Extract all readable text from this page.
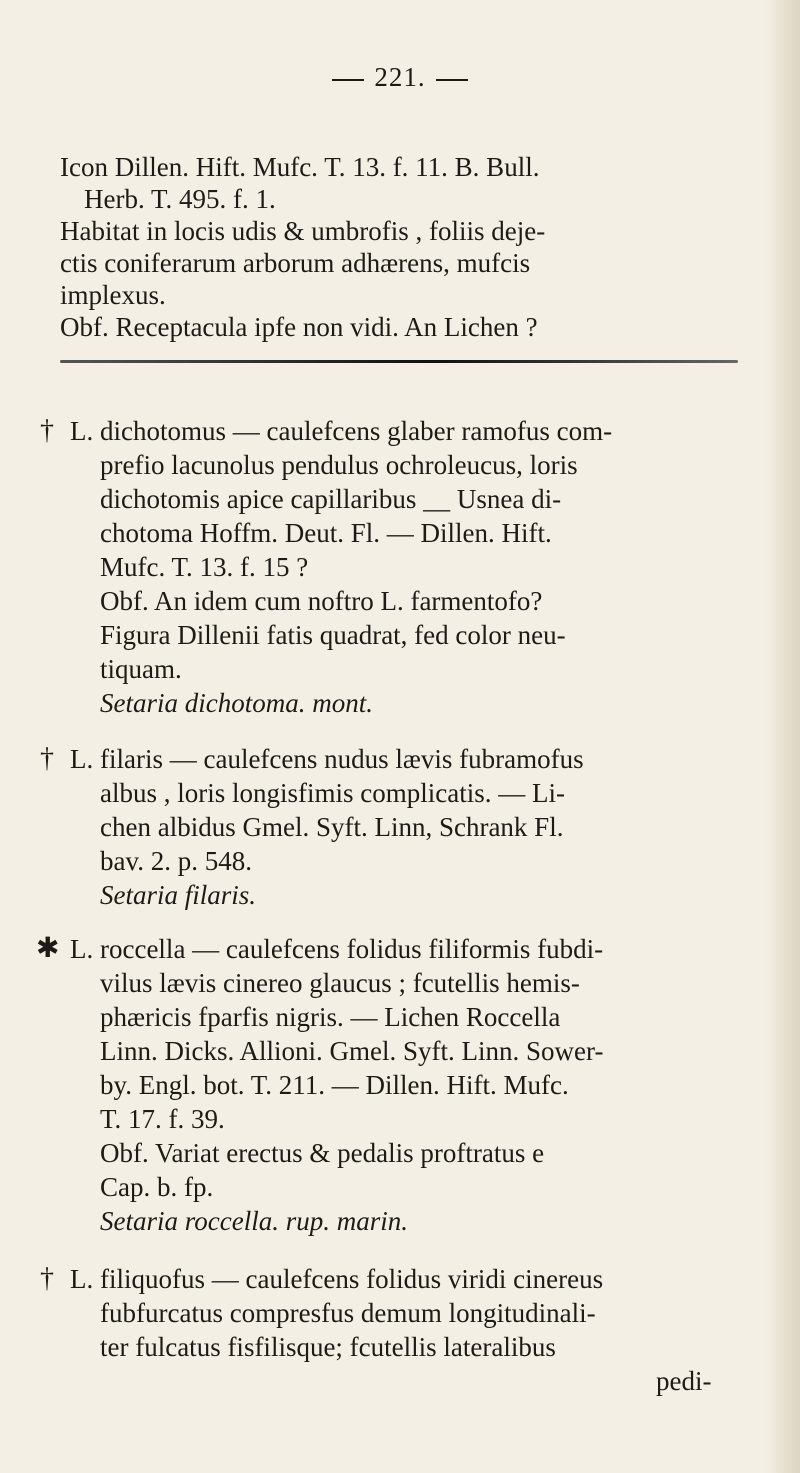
221.
Icon Dillen. Hift. Mufc. T. 13. f. 11. B. Bull.
Herb. T. 495. f. 1.
Habitat in locis udis & umbrofis , foliis deje-
ctis coniferarum arborum adhærens, mufcis
implexus.
Obf. Receptacula ipfe non vidi. An Lichen ?
† L. dichotomus — caulefcens glaber ramofus com-
prefio lacunolus pendulus ochroleucus, loris
dichotomis apice capillaribus __ Usnea di-
chotoma Hoffm. Deut. Fl. — Dillen. Hift.
Mufc. T. 13. f. 15 ?
Obf. An idem cum noftro L. farmentofo?
Figura Dillenii fatis quadrat, fed color neu-
tiquam.
Setaria dichotoma. mont.
† L. filaris — caulefcens nudus lævis fubramofus
albus , loris longisfimis complicatis. — Li-
chen albidus Gmel. Syft. Linn, Schrank Fl.
bav. 2. p. 548.
Setaria filaris.
✱ L. roccella — caulefcens folidus filiformis fubdi-
vilus lævis cinereo glaucus ; fcutellis hemis-
phæricis fparfis nigris. — Lichen Roccella
Linn. Dicks. Allioni. Gmel. Syft. Linn. Sower-
by. Engl. bot. T. 211. — Dillen. Hift. Mufc.
T. 17. f. 39.
Obf. Variat erectus & pedalis proftratus e
Cap. b. fp.
Setaria roccella. rup. marin.
† L. filiquofus — caulefcens folidus viridi cinereus
fubfurcatus compresfus demum longitudinali-
ter fulcatus fisfilisque; fcutellis lateralibus
pedi-
